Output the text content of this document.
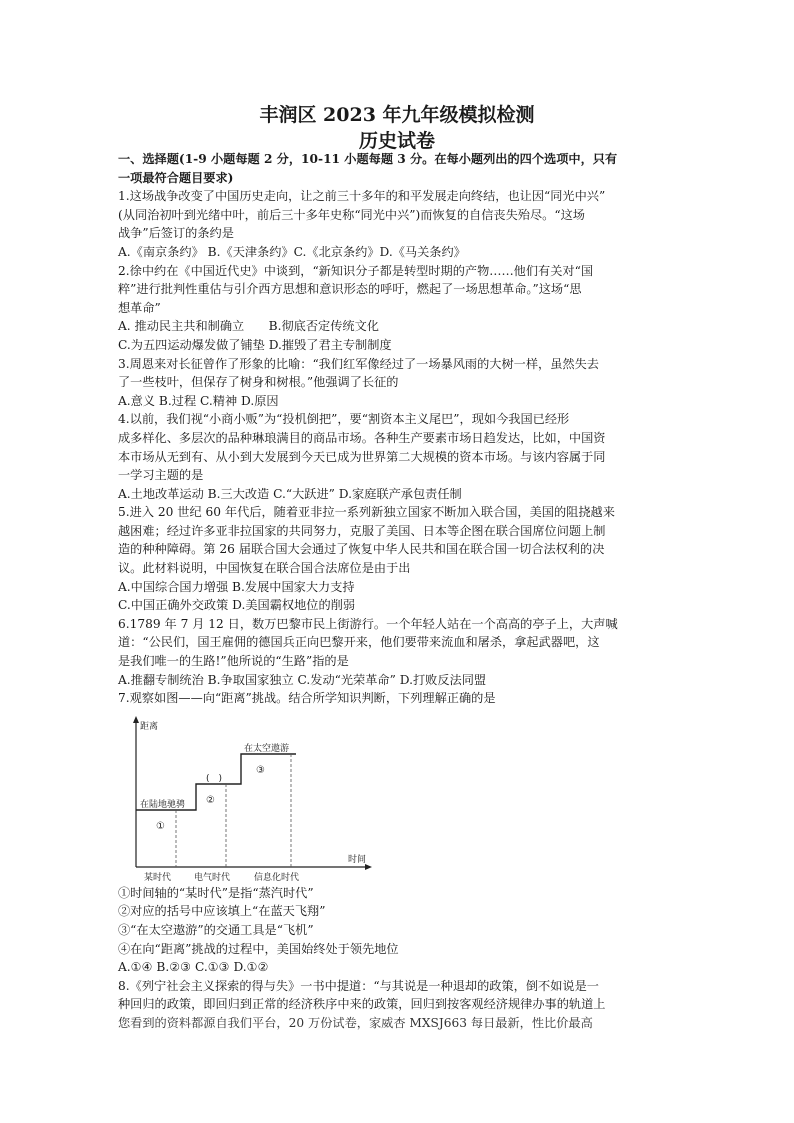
丰润区 2023 年九年级模拟检测
历史试卷

一、选择题(1-9 小题每题 2 分，10-11 小题每题 3 分。在每小题列出的四个选项中，只有

一项最符合题目要求)

1.这场战争改变了中国历史走向，让之前三十多年的和平发展走向终结，也让因“同光中兴”

(从同治初叶到光绪中叶，前后三十多年史称“同光中兴”)而恢复的自信丧失殆尽。“这场

战争”后签订的条约是

A.《南京条约》 B.《天津条约》C.《北京条约》D.《马关条约》

2.徐中约在《中国近代史》中谈到，“新知识分子都是转型时期的产物……他们有关对“国

粹”进行批判性重估与引介西方思想和意识形态的呼吁，燃起了一场思想革命。”这场“思

想革命”

A. 推动民主共和制确立　　B.彻底否定传统文化

C.为五四运动爆发做了铺垫 D.摧毁了君主专制制度

3.周恩来对长征曾作了形象的比喻：“我们红军像经过了一场暴风雨的大树一样，虽然失去

了一些枝叶，但保存了树身和树根。”他强调了长征的

A.意义 B.过程 C.精神 D.原因

4.以前，我们视“小商小贩”为“投机倒把”，要“割资本主义尾巴”，现如今我国已经形

成多样化、多层次的品种琳琅满目的商品市场。各种生产要素市场日趋发达，比如，中国资

本市场从无到有、从小到大发展到今天已成为世界第二大规模的资本市场。与该内容属于同

一学习主题的是

A.土地改革运动 B.三大改造 C.“大跃进” D.家庭联产承包责任制

5.进入 20 世纪 60 年代后，随着亚非拉一系列新独立国家不断加入联合国，美国的阻挠越来

越困难；经过许多亚非拉国家的共同努力，克服了美国、日本等企图在联合国席位问题上制

造的种种障碍。第 26 届联合国大会通过了恢复中华人民共和国在联合国一切合法权利的决

议。此材料说明，中国恢复在联合国合法席位是由于出

A.中国综合国力增强 B.发展中国家大力支持

C.中国正确外交政策 D.美国霸权地位的削弱

6.1789 年 7 月 12 日，数万巴黎市民上街游行。一个年轻人站在一个高高的亭子上，大声喊

道：“公民们，国王雇佣的德国兵正向巴黎开来，他们要带来流血和屠杀，拿起武器吧，这

是我们唯一的生路!”他所说的“生路”指的是

A.推翻专制统治 B.争取国家独立 C.发动“光荣革命” D.打败反法同盟

7.观察如图——向“距离”挑战。结合所学知识判断，下列理解正确的是

距离
时间
在陆地驰骋
(　)
在太空遨游
①
②
③
某时代	电气时代	信息化时代

①时间轴的“某时代”是指“蒸汽时代”

②对应的括号中应该填上“在蓝天飞翔”

③“在太空遨游”的交通工具是“飞机”

④在向“距离”挑战的过程中，美国始终处于领先地位

A.①④ B.②③ C.①③ D.①②

8.《列宁社会主义探索的得与失》一书中提道：“与其说是一种退却的政策，倒不如说是一

种回归的政策，即回归到正常的经济秩序中来的政策，回归到按客观经济规律办事的轨道上

您看到的资料都源自我们平台，20 万份试卷，家威杏 MXSJ663 每日最新，性比价最高
